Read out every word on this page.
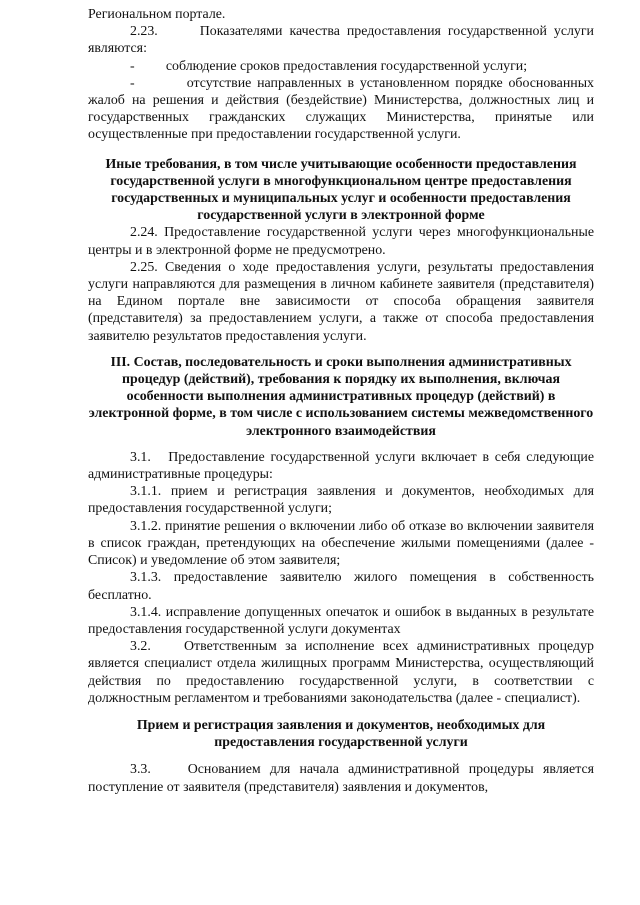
Региональном портале.

2.23.      Показателями качества предоставления государственной услуги являются:

-         соблюдение сроков предоставления государственной услуги;

-         отсутствие направленных в установленном порядке обоснованных жалоб на решения и действия (бездействие) Министерства, должностных лиц и государственных гражданских служащих Министерства, принятые или осуществленные при предоставлении государственной услуги.

Иные требования, в том числе учитывающие особенности предоставления государственной услуги в многофункциональном центре предоставления государственных и муниципальных услуг и особенности предоставления государственной услуги в электронной форме

2.24. Предоставление государственной услуги через многофункциональные центры и в электронной форме не предусмотрено.

2.25. Сведения о ходе предоставления услуги, результаты предоставления услуги направляются для размещения в личном кабинете заявителя (представителя) на Едином портале вне зависимости от способа обращения заявителя (представителя) за предоставлением услуги, а также от способа предоставления заявителю результатов предоставления услуги.

III. Состав, последовательность и сроки выполнения административных процедур (действий), требования к порядку их выполнения, включая особенности выполнения административных процедур (действий) в электронной форме, в том числе с использованием системы межведомственного электронного взаимодействия

3.1.   Предоставление государственной услуги включает в себя следующие административные процедуры:

3.1.1. прием и регистрация заявления и документов, необходимых для предоставления государственной услуги;

3.1.2. принятие решения о включении либо об отказе во включении заявителя в список граждан, претендующих на обеспечение жилыми помещениями (далее - Список) и уведомление об этом заявителя;

3.1.3. предоставление заявителю жилого помещения в собственность бесплатно.

3.1.4. исправление допущенных опечаток и ошибок в выданных в результате предоставления государственной услуги документах

3.2.    Ответственным за исполнение всех административных процедур является специалист отдела жилищных программ Министерства, осуществляющий действия по предоставлению государственной услуги, в соответствии с должностным регламентом и требованиями законодательства (далее - специалист).

Прием и регистрация заявления и документов, необходимых для предоставления государственной услуги

3.3.    Основанием для начала административной процедуры является поступление от заявителя (представителя) заявления и документов,
